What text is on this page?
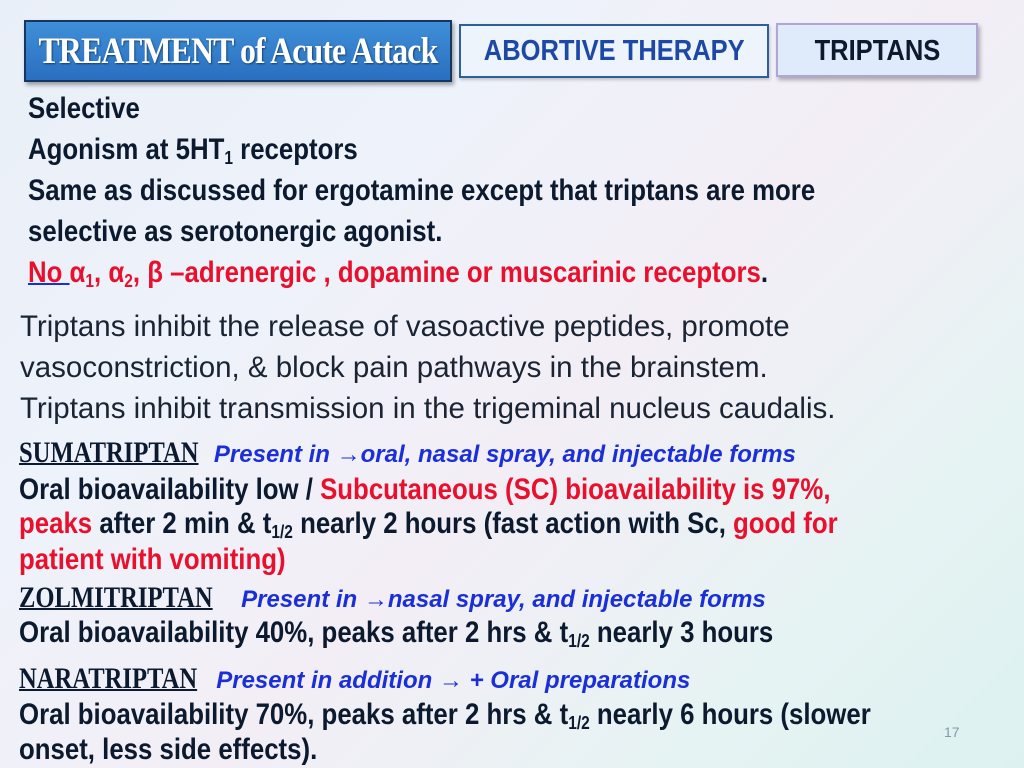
TREATMENT of Acute Attack ABORTIVE THERAPY TRIPTANS
Selective
Agonism at $5HT_1$ receptors
Same as discussed for ergotamine except that triptans are more
selective as serotonergic agonist.
No $\alpha_1$, $\alpha_2$, β –adrenergic , dopamine or muscarinic receptors.
Triptans inhibit the release of vasoactive peptides, promote
vasoconstriction, & block pain pathways in the brainstem.
Triptans inhibit transmission in the trigeminal nucleus caudalis.
SUMATRIPTAN Present in →oral, nasal spray, and injectable forms
Oral bioavailability low / Subcutaneous (SC) bioavailability is 97%,
peaks after 2 min & $t_{1/2}$ nearly 2 hours (fast action with Sc, good for
patient with vomiting)
ZOLMITRIPTAN Present in →nasal spray, and injectable forms
Oral bioavailability 40%, peaks after 2 hrs & $t_{1/2}$ nearly 3 hours
NARATRIPTAN Present in addition → + Oral preparations
Oral bioavailability 70%, peaks after 2 hrs & $t_{1/2}$ nearly 6 hours (slower
onset, less side effects).
17
